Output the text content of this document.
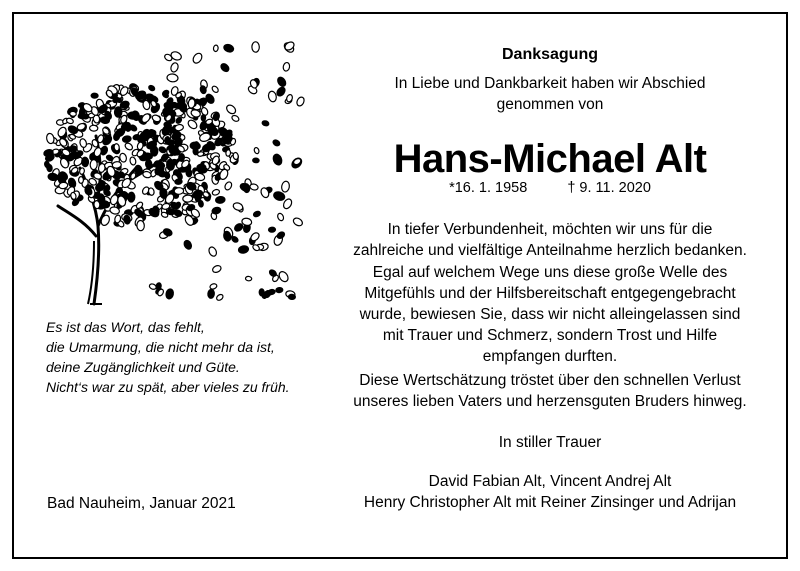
Es ist das Wort, das fehlt,
die Umarmung, die nicht mehr da ist,
deine Zugänglichkeit und Güte.
Nicht‘s war zu spät, aber vieles zu früh.
Bad Nauheim, Januar 2021
Danksagung
In Liebe und Dankbarkeit haben wir Abschied
genommen von
Hans-Michael Alt
*16. 1. 1958	† 9. 11. 2020
In tiefer Verbundenheit, möchten wir uns für die
zahlreiche und vielfältige Anteilnahme herzlich bedanken.
Egal auf welchem Wege uns diese große Welle des
Mitgefühls und der Hilfsbereitschaft entgegengebracht
wurde, bewiesen Sie, dass wir nicht alleingelassen sind
mit Trauer und Schmerz, sondern Trost und Hilfe
empfangen durften.
Diese Wertschätzung tröstet über den schnellen Verlust
unseres lieben Vaters und herzensguten Bruders hinweg.
In stiller Trauer
David Fabian Alt, Vincent Andrej Alt
Henry Christopher Alt mit Reiner Zinsinger und Adrijan
